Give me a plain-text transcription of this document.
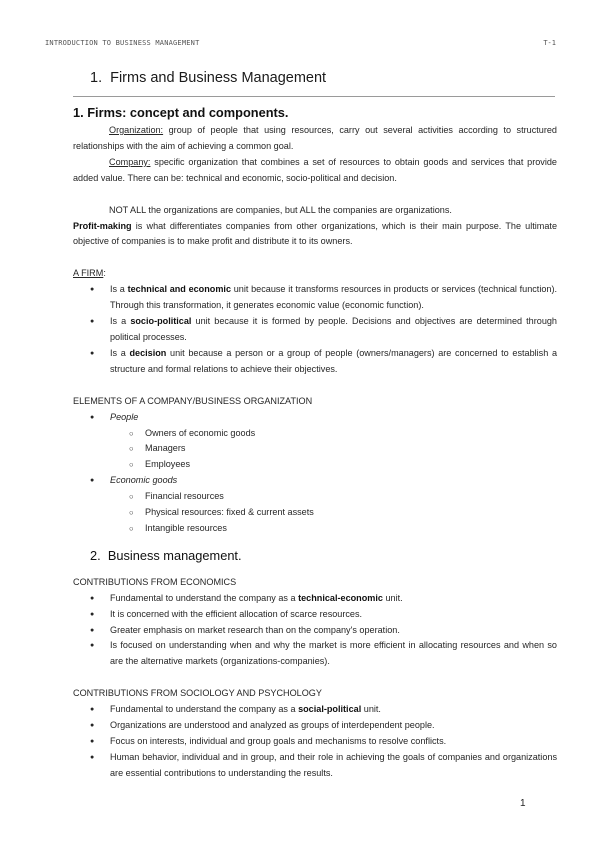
INTRODUCTION TO BUSINESS MANAGEMENT	T-1
1. Firms and Business Management
1. Firms: concept and components.

Organization: group of people that using resources, carry out several activities according to structured relationships with the aim of achieving a common goal.

Company: specific organization that combines a set of resources to obtain goods and services that provide added value. There can be: technical and economic, socio-political and decision.

NOT ALL the organizations are companies, but ALL the companies are organizations.

Profit-making is what differentiates companies from other organizations, which is their main purpose. The ultimate objective of companies is to make profit and distribute it to its owners.

A FIRM:

● Is a technical and economic unit because it transforms resources in products or services (technical function). Through this transformation, it generates economic value (economic function).
● Is a socio-political unit because it is formed by people. Decisions and objectives are determined through political processes.
● Is a decision unit because a person or a group of people (owners/managers) are concerned to establish a structure and formal relations to achieve their objectives.

ELEMENTS OF A COMPANY/BUSINESS ORGANIZATION

● People
○ Owners of economic goods
○ Managers
○ Employees
● Economic goods
○ Financial resources
○ Physical resources: fixed & current assets
○ Intangible resources
2. Business management.

CONTRIBUTIONS FROM ECONOMICS

● Fundamental to understand the company as a technical-economic unit.
● It is concerned with the efficient allocation of scarce resources.
● Greater emphasis on market research than on the company's operation.
● Is focused on understanding when and why the market is more efficient in allocating resources and when so are the alternative markets (organizations-companies).

CONTRIBUTIONS FROM SOCIOLOGY AND PSYCHOLOGY

● Fundamental to understand the company as a social-political unit.
● Organizations are understood and analyzed as groups of interdependent people.
● Focus on interests, individual and group goals and mechanisms to resolve conflicts.
● Human behavior, individual and in group, and their role in achieving the goals of companies and organizations are essential contributions to understanding the results.
1
